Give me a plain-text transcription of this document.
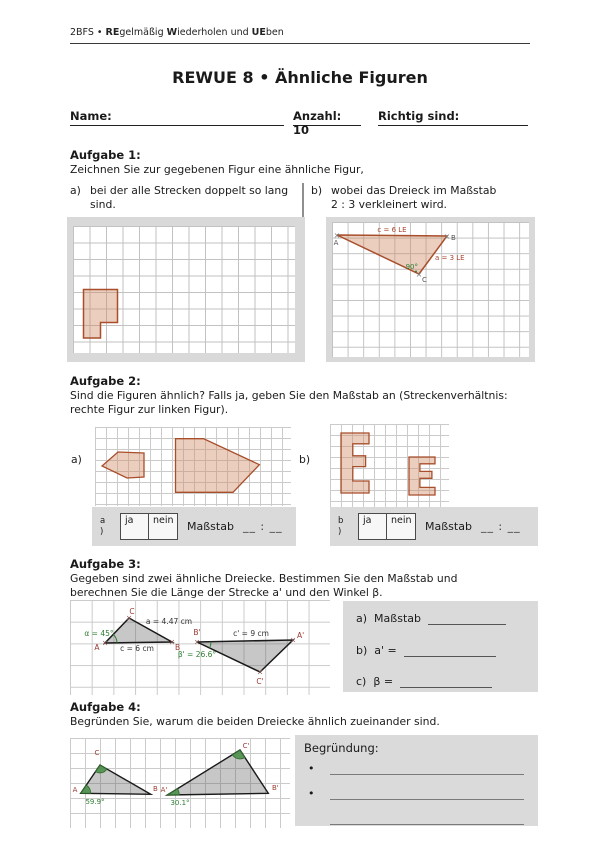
2BFS • REgelmäßig Wiederholen und UEben
REWUE 8 • Ähnliche Figuren
Name:	Anzahl: 10
Richtig sind:
Aufgabe 1:
Zeichnen Sie zur gegebenen Figur eine ähnliche Figur,
a) bei der alle Strecken doppelt so lang
sind.
b) wobei das Dreieck im Maßstab
2 : 3 verkleinert wird.
c = 6 LE
a = 3 LE
90°
×	×
×
A
B
C
Aufgabe 2:
Sind die Figuren ähnlich? Falls ja, geben Sie den Maßstab an (Streckenverhältnis:
rechte Figur zur linken Figur).
a)	b)
a )
ja	nein	Maßstab __ : __	b )
ja	nein	Maßstab __ : __
Aufgabe 3:
Gegeben sind zwei ähnliche Dreiecke. Bestimmen Sie den Maßstab und
berechnen Sie die Länge der Strecke a' und den Winkel β.
×	×
×
×	×
×
α = 45°
a = 4.47 cm
c = 6 cm
A	B
C
B'	c' = 9 cm	A'
β' = 26.6°
C'
a) Maßstab
b) a' =
c) β =
Aufgabe 4:
Begründen Sie, warum die beiden Dreiecke ähnlich zueinander sind.
A	B
C
A'	B'
C'
59.9°	30.1°
Begründung:
•
•
